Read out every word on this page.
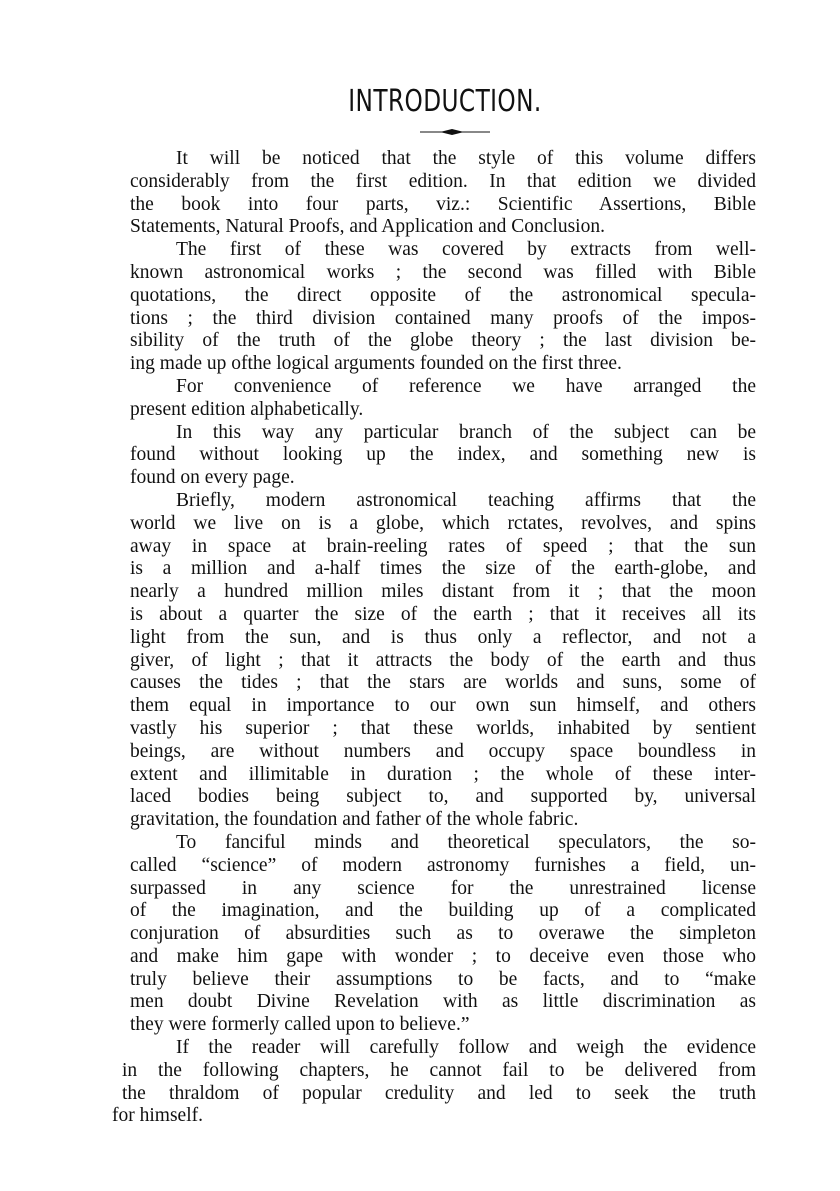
INTRODUCTION.
It will be noticed that the style of this volume differs
considerably from the first edition. In that edition we divided
the book into four parts, viz.: Scientific Assertions, Bible
Statements, Natural Proofs, and Application and Conclusion.
The first of these was covered by extracts from well-
known astronomical works ; the second was filled with Bible
quotations, the direct opposite of the astronomical specula-
tions ; the third division contained many proofs of the impos-
sibility of the truth of the globe theory ; the last division be-
ing made up ofthe logical arguments founded on the first three.
For convenience of reference we have arranged the
present edition alphabetically.
In this way any particular branch of the subject can be
found without looking up the index, and something new is
found on every page.
Briefly, modern astronomical teaching affirms that the
world we live on is a globe, which rctates, revolves, and spins
away in space at brain-reeling rates of speed ; that the sun
is a million and a-half times the size of the earth-globe, and
nearly a hundred million miles distant from it ; that the moon
is about a quarter the size of the earth ; that it receives all its
light from the sun, and is thus only a reflector, and not a
giver, of light ; that it attracts the body of the earth and thus
causes the tides ; that the stars are worlds and suns, some of
them equal in importance to our own sun himself, and others
vastly his superior ; that these worlds, inhabited by sentient
beings, are without numbers and occupy space boundless in
extent and illimitable in duration ; the whole of these inter-
laced bodies being subject to, and supported by, universal
gravitation, the foundation and father of the whole fabric.
To fanciful minds and theoretical speculators, the so-
called “science” of modern astronomy furnishes a field, un-
surpassed in any science for the unrestrained license
of the imagination, and the building up of a complicated
conjuration of absurdities such as to overawe the simpleton
and make him gape with wonder ; to deceive even those who
truly believe their assumptions to be facts, and to “make
men doubt Divine Revelation with as little discrimination as
they were formerly called upon to believe.”
If the reader will carefully follow and weigh the evidence
in the following chapters, he cannot fail to be delivered from
the thraldom of popular credulity and led to seek the truth
for himself.
